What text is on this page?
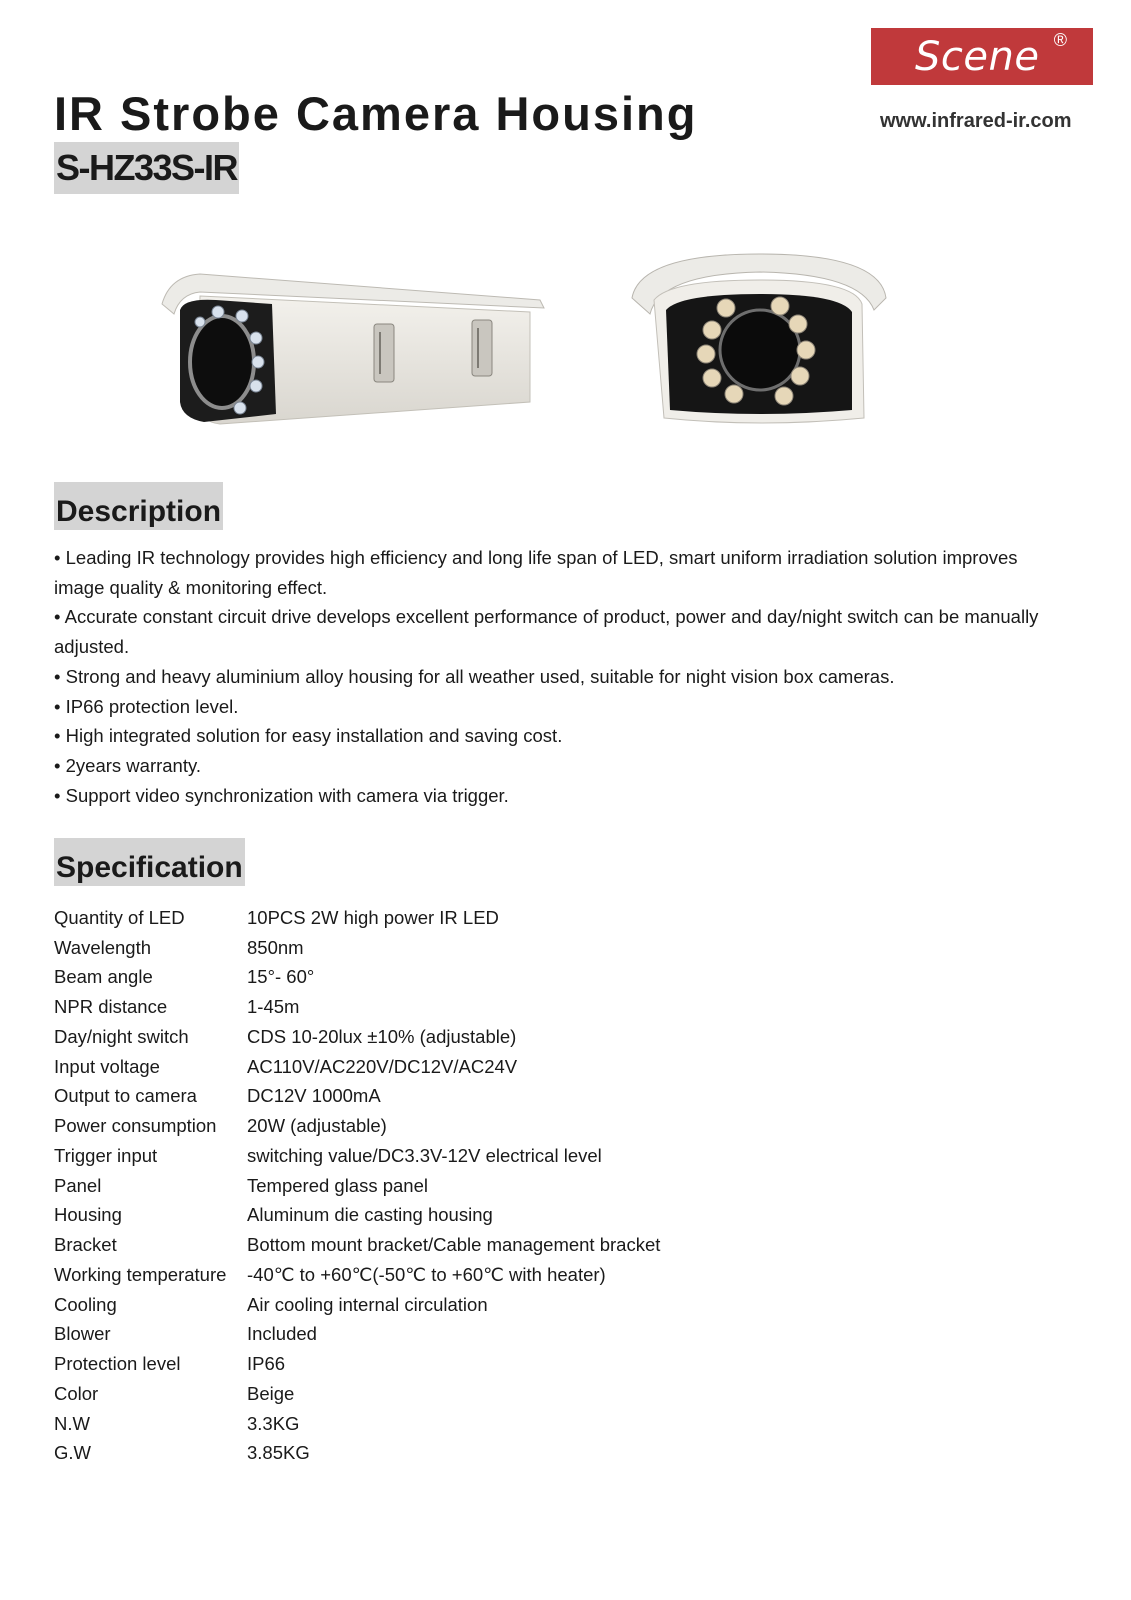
Scene ®
www.infrared-ir.com
IR Strobe Camera Housing
S-HZ33S-IR
Description
• Leading IR technology provides high efficiency and long life span of LED, smart uniform irradiation solution improves image quality & monitoring effect.
• Accurate constant circuit drive develops excellent performance of product, power and day/night switch can be manually adjusted.
• Strong and heavy aluminium alloy housing for all weather used, suitable for night vision box cameras.
• IP66 protection level.
• High integrated solution for easy installation and saving cost.
• 2years warranty.
• Support video synchronization with camera via trigger.
Specification
Quantity of LED	10PCS 2W high power IR LED
Wavelength	850nm
Beam angle	15°- 60°
NPR distance	1-45m
Day/night switch	CDS 10-20lux ±10% (adjustable)
Input voltage	AC110V/AC220V/DC12V/AC24V
Output to camera	DC12V 1000mA
Power consumption	20W (adjustable)
Trigger input	switching value/DC3.3V-12V electrical level
Panel	Tempered glass panel
Housing	Aluminum die casting housing
Bracket	Bottom mount bracket/Cable management bracket
Working temperature	-40℃ to +60℃(-50℃ to +60℃ with heater)
Cooling	Air cooling internal circulation
Blower	Included
Protection level	IP66
Color	Beige
N.W	3.3KG
G.W	3.85KG
